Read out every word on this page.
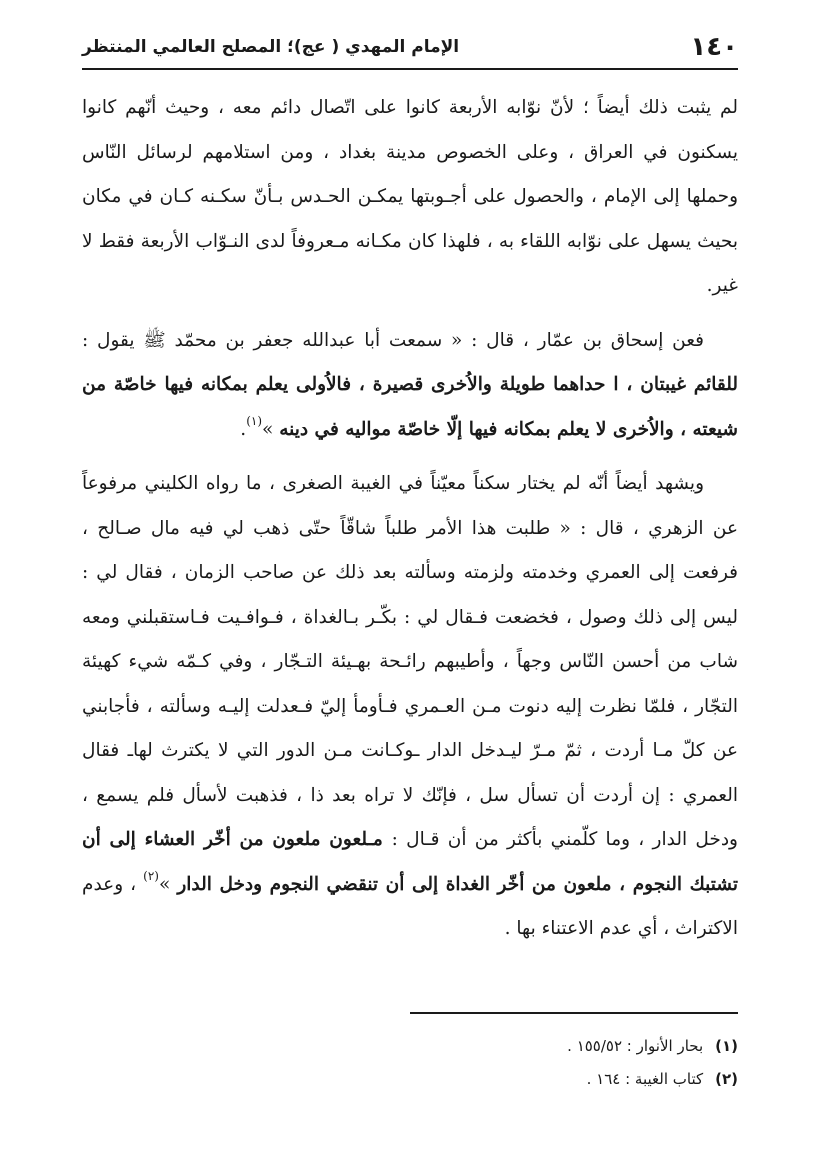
١٤٠
الإمام المهدي ( عج)؛ المصلح العالمي المنتظر

لم يثبت ذلك أيضاً ؛ لأنّ نوّابه الأربعة كانوا على اتّصال دائم معه ، وحيث أنّهم كانوا يسكنون في العراق ، وعلى الخصوص مدينة بغداد ، ومن استلامهم لرسائل النّاس وحملها إلى الإمام ، والحصول على أجـوبتها يمكـن الحـدس بـأنّ سكـنه كـان في مكان بحيث يسهل على نوّابه اللقاء به ، فلهذا كان مكـانه مـعروفاً لدى النـوّاب الأربعة فقط لا غير.

فعن إسحاق بن عمّار ، قال : « سمعت أبا عبدالله جعفر بن محمّد ﷺ يقول : للقائم غيبتان ، ا حداهما طويلة والاُخرى قصيرة ، فالاُولى يعلم بمكانه فيها خاصّة من شيعته ، والاُخرى لا يعلم بمكانه فيها إلّا خاصّة مواليه في دينه »$^{(١)}$.

ويشهد أيضاً أنّه لم يختار سكناً معيّناً في الغيبة الصغرى ، ما رواه الكليني مرفوعاً عن الزهري ، قال : « طلبت هذا الأمر طلباً شاقّاً حتّى ذهب لي فيه مال صـالح ، فرفعت إلى العمري وخدمته ولزمته وسألته بعد ذلك عن صاحب الزمان ، فقال لي : ليس إلى ذلك وصول ، فخضعت فـقال لي : بكّـر بـالغداة ، فـوافـيت فـاستقبلني ومعه شاب من أحسن النّاس وجهاً ، وأطيبهم رائـحة بهـيئة التـجّار ، وفي كـمّه شيء كهيئة التجّار ، فلمّا نظرت إليه دنوت مـن العـمري فـأومأ إليّ فـعدلت إليـه وسألته ، فأجابني عن كلّ مـا أردت ، ثمّ مـرّ ليـدخل الدار ـوكـانت مـن الدور التي لا يكترث لهاـ فقال العمري : إن أردت أن تسأل سل ، فإنّك لا تراه بعد ذا ، فذهبت لأسأل فلم يسمع ، ودخل الدار ، وما كلّمني بأكثر من أن قـال : مـلعون ملعون من أخّر العشاء إلى أن تشتبك النجوم ، ملعون من أخّر الغداة إلى أن تنقضي النجوم ودخل الدار »$^{(٢)}$ ، وعدم الاكتراث ، أي عدم الاعتناء بها .

(١)
بحار الأنوار : ١٥٥/٥٢ .
(٢)
كتاب الغيبة : ١٦٤ .
